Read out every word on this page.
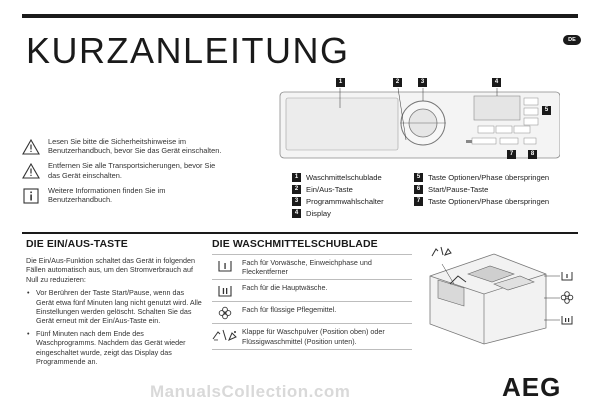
KURZANLEITUNG	DE
1	2	3	4
5
7	8
Lesen Sie bitte die Sicherheitshinweise im Benutzerhandbuch, bevor Sie das Gerät einschalten.
Entfernen Sie alle Transportsicherungen, bevor Sie das Gerät einschalten.
Weitere Informationen finden Sie im Benutzerhandbuch.
1	Waschmittelschublade
2	Ein/Aus-Taste
3	Programmwahlschalter
4	Display
5	Taste Optionen/Phase überspringen
6	Start/Pause-Taste
7	Taste Optionen/Phase überspringen
DIE EIN/AUS-TASTE

Die Ein/Aus-Funktion schaltet das Gerät in folgenden Fällen automatisch aus, um den Stromverbrauch auf Null zu reduzieren:

• Vor Berühren der Taste Start/Pause, wenn das Gerät etwa fünf Minuten lang nicht genutzt wird. Alle Einstellungen werden gelöscht. Schalten Sie das Gerät erneut mit der Ein/Aus-Taste ein.
• Fünf Minuten nach dem Ende des Waschprogramms. Nachdem das Gerät wieder eingeschaltet wurde, zeigt das Display das Programmende an.
DIE WASCHMITTELSCHUBLADE
Fach für Vorwäsche, Einweichphase und Fleckentferner
Fach für die Hauptwäsche.
Fach für flüssige Pflegemittel.
Klappe für Waschpulver (Position oben) oder Flüssigwaschmittel (Position unten).
ManualsCollection.com	AEG
